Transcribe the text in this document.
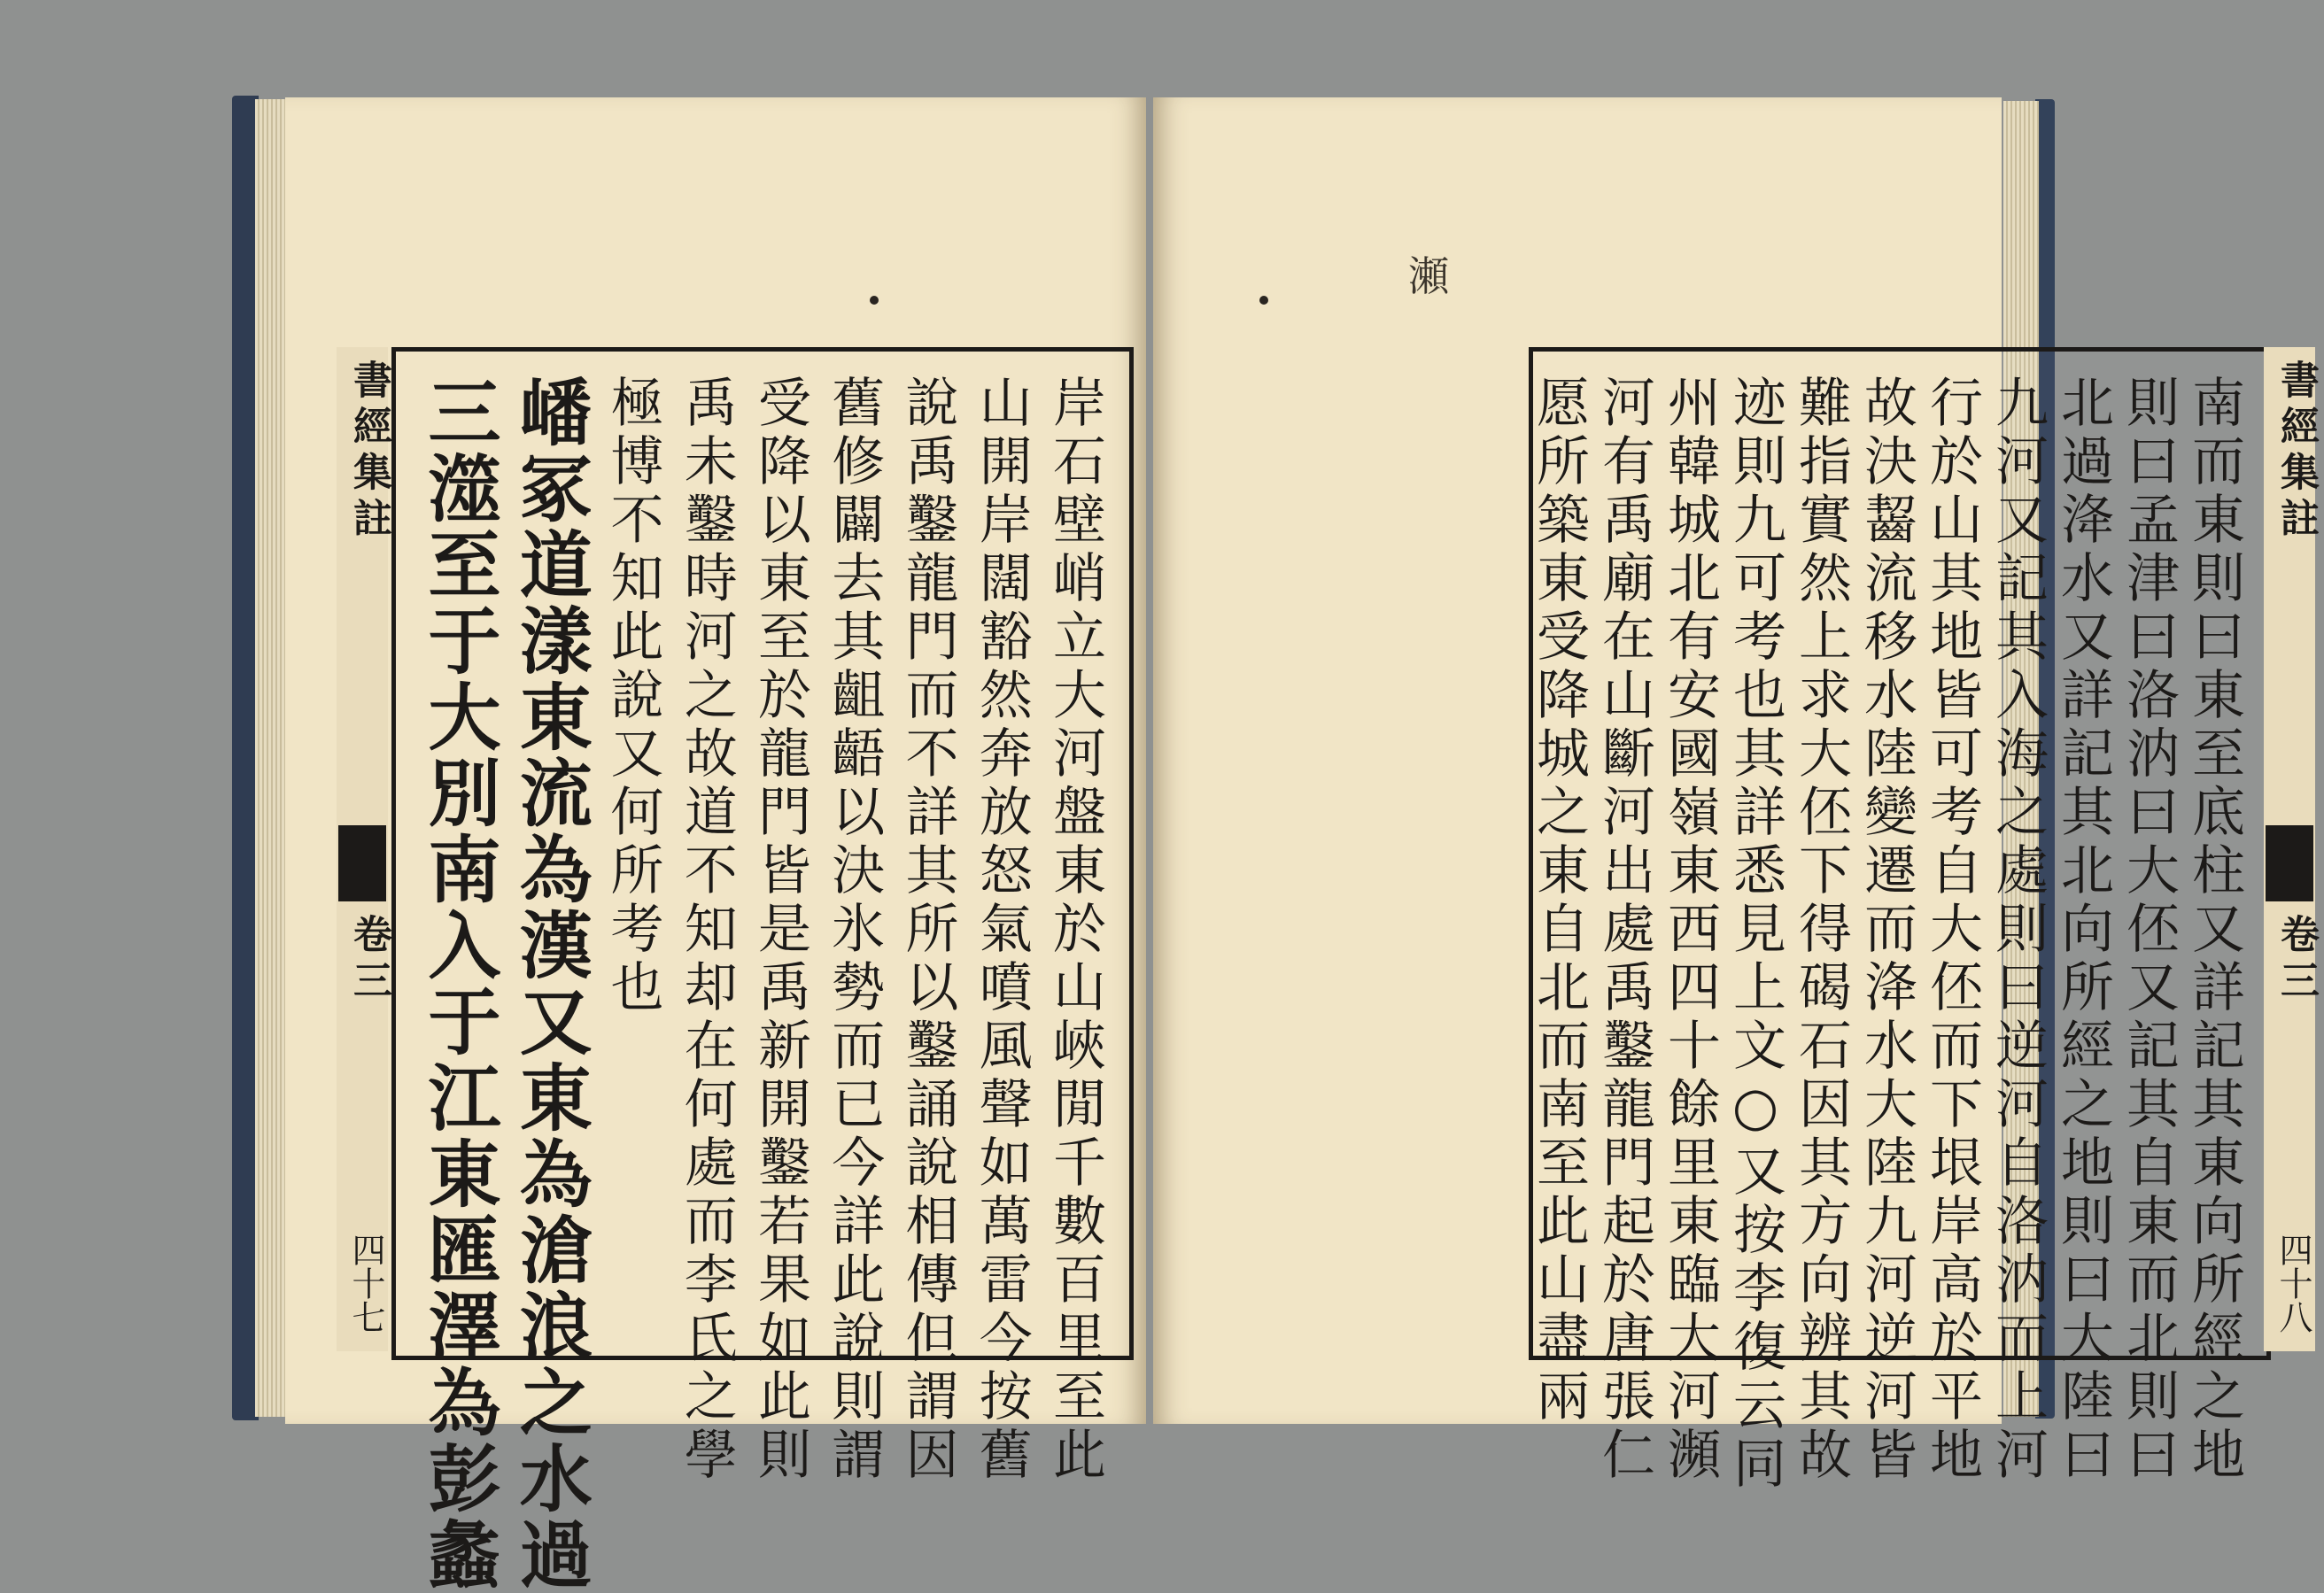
書經集註
卷三
四十七	岸石壁峭立大河盤東於山峽閒千數百里至此
山開岸闊豁然奔放怒氣噴風聲如萬雷今按舊
說禹鑿龍門而不詳其所以鑿誦說相傳但謂因
舊修闢去其齟齬以決氷勢而已今詳此說則謂
受降以東至於龍門皆是禹新開鑿若果如此則
禹未鑿時河之故道不知却在何處而李氏之學
極博不知此說又何所考也
嶓冢道漾東流為漢又東為滄浪之水過
三澨至于大別南入于江東匯澤為彭蠡
瀬
南而東則曰東至底柱又詳記其東向所經之地
則曰孟津曰洛汭曰大伾又記其自東而北則曰
北過洚水又詳記其北向所經之地則曰大陸曰
九河又記其入海之處則曰逆河自洛汭而上河
行於山其地皆可考自大伾而下垠岸高於平地
故決齧流移水陸變遷而洚水大陸九河逆河皆
難指實然上求大伾下得碣石因其方向辨其故
迹則九可考也其詳悉見上文○又按李復云同
州韓城北有安國嶺東西四十餘里東臨大河瀕
河有禹廟在山斷河出處禹鑿龍門起於唐張仁
愿所築東受降城之東自北而南至此山盡兩	書經集註
卷三
四十八
